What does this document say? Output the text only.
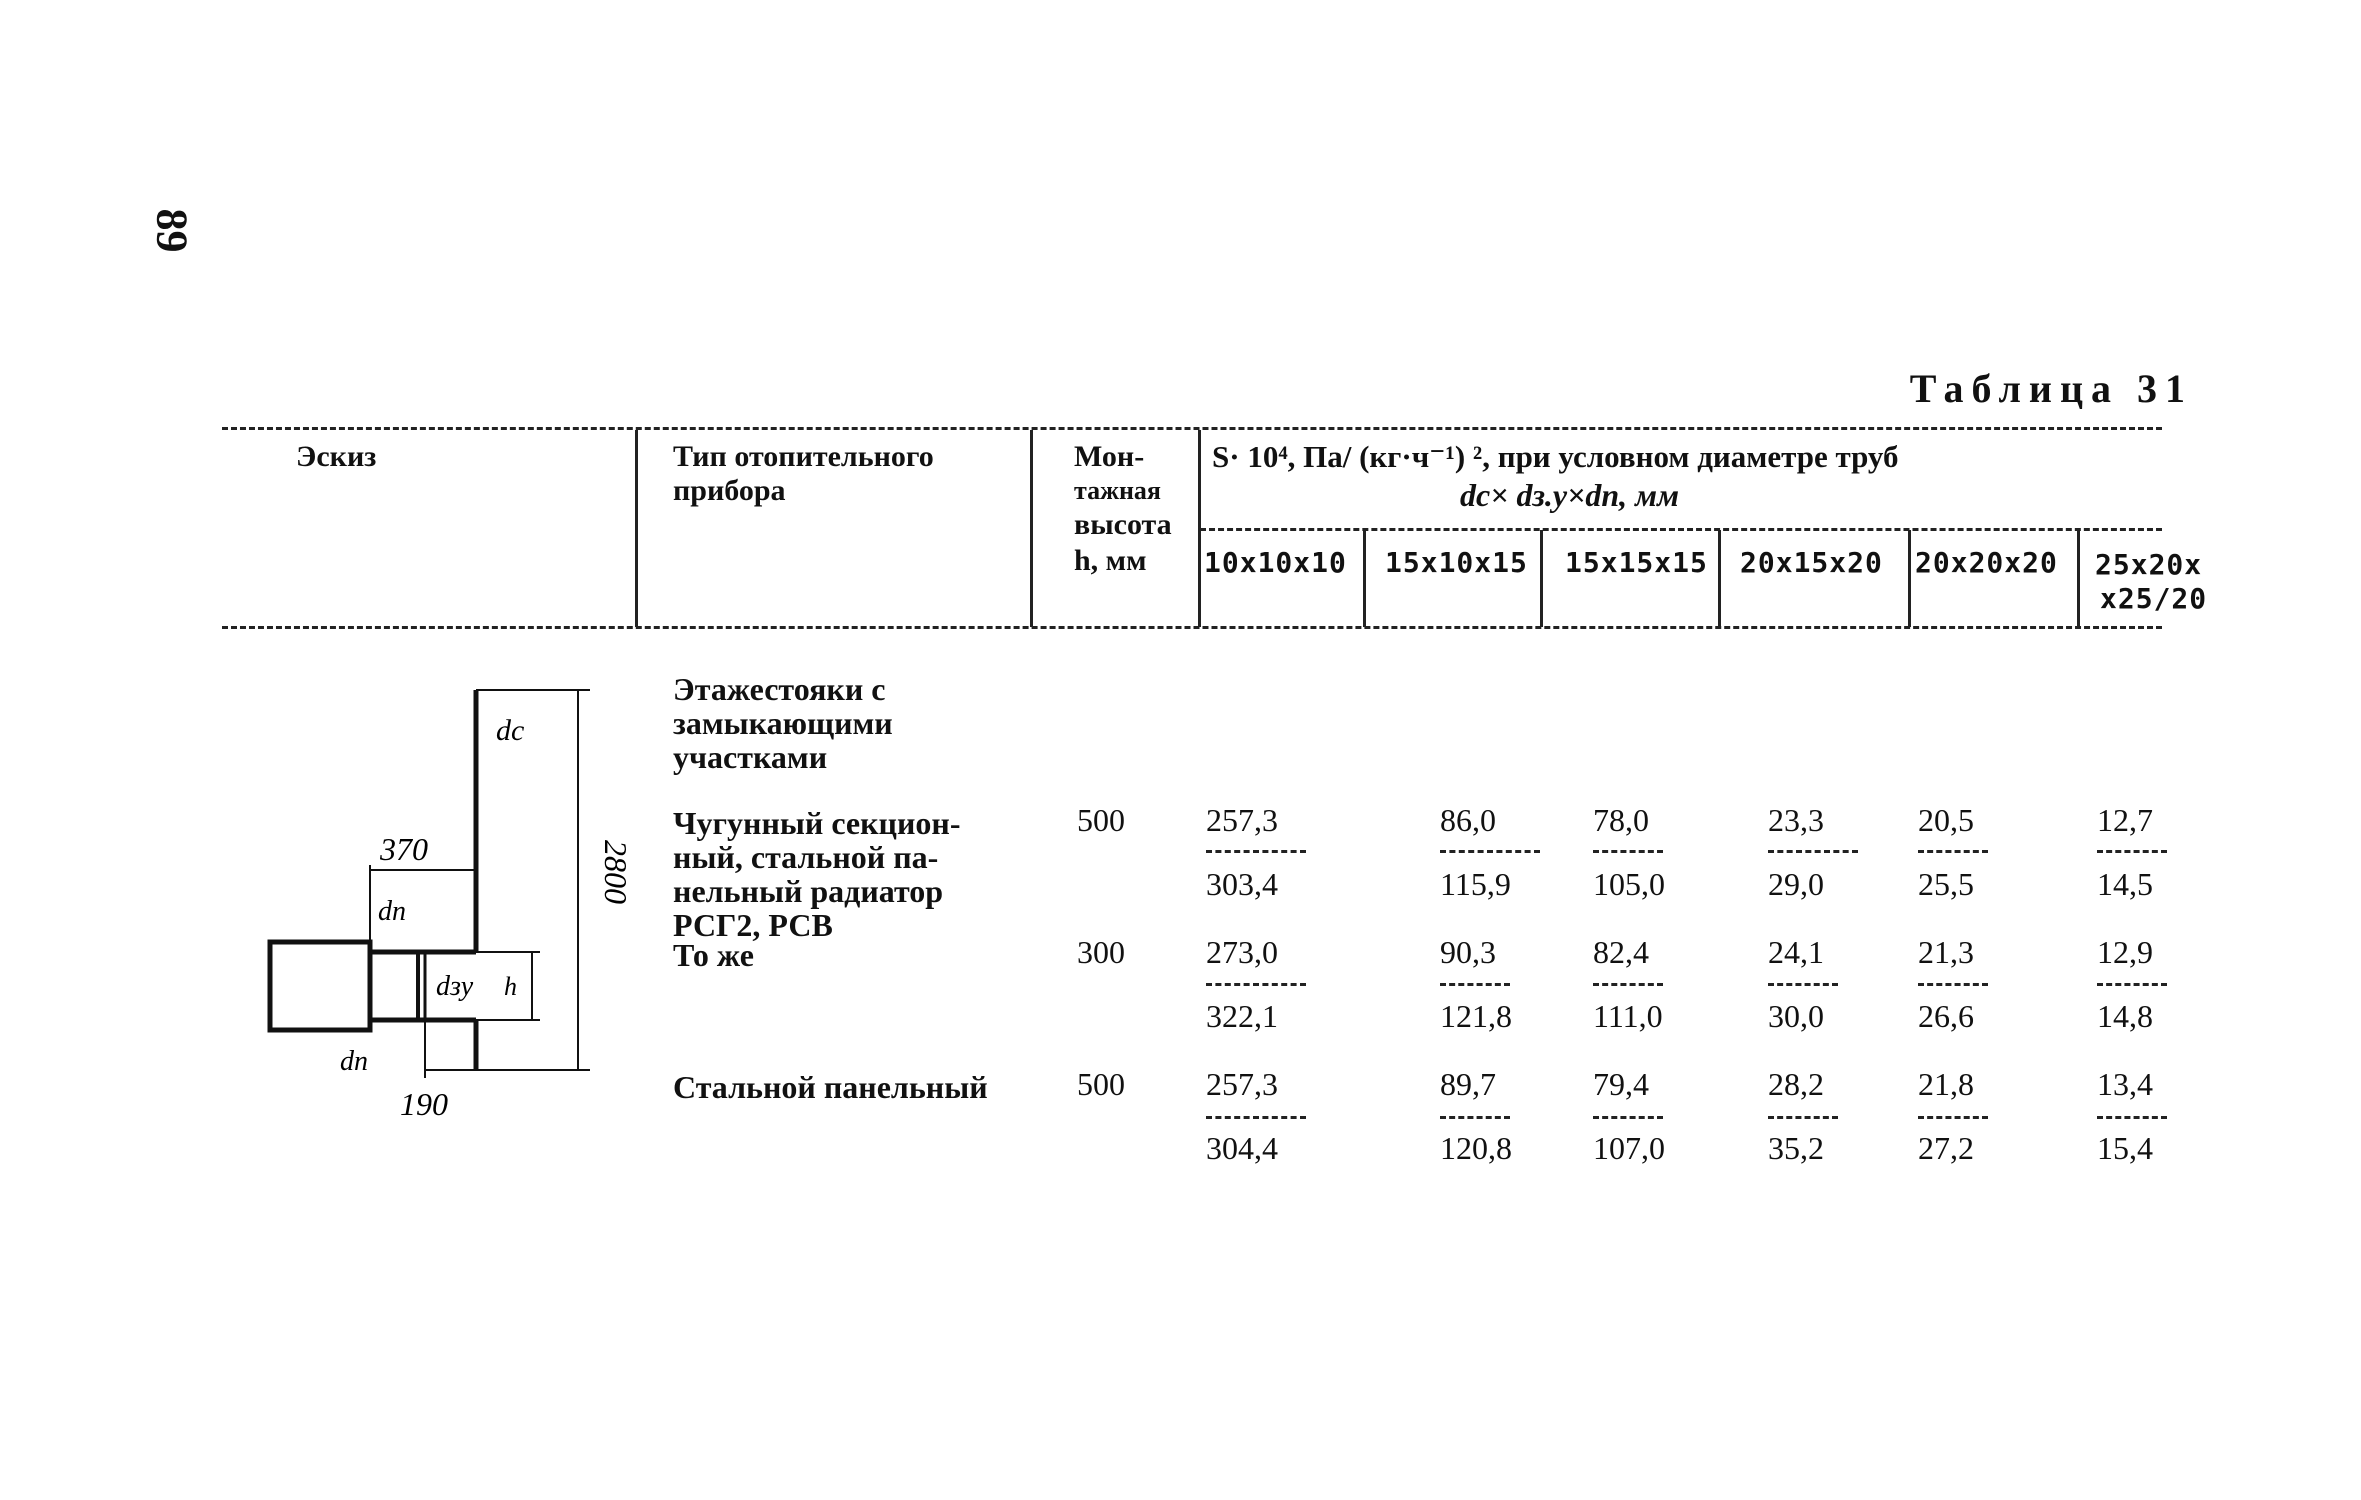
89
Таблица 31
Эскиз	Тип отопительного прибора
Мон-
тажная
высота
h, мм
S· 10⁴, Па/ (кг·ч⁻¹) ², при условном диаметре труб
dс× dз.у×dп, мм
10x10x10 15x10x15 15x15x15 20x15x20 20x20x20 25x20x
x25/20
dc
dп
dзу h
dп
370
190
2800
Этажестояки с замыкающими участками
Чугунный секцион-
ный, стальной па-
нельный радиатор
РСГ2, РСВ
500	257,3	86,0	78,0	23,3	20,5	12,7
303,4	115,9	105,0	29,0	25,5	14,5
То же	300	273,0	90,3	82,4	24,1	21,3	12,9
322,1	121,8	111,0	30,0	26,6	14,8
Стальной панельный	500	257,3	89,7	79,4	28,2	21,8	13,4
304,4	120,8	107,0	35,2	27,2	15,4
